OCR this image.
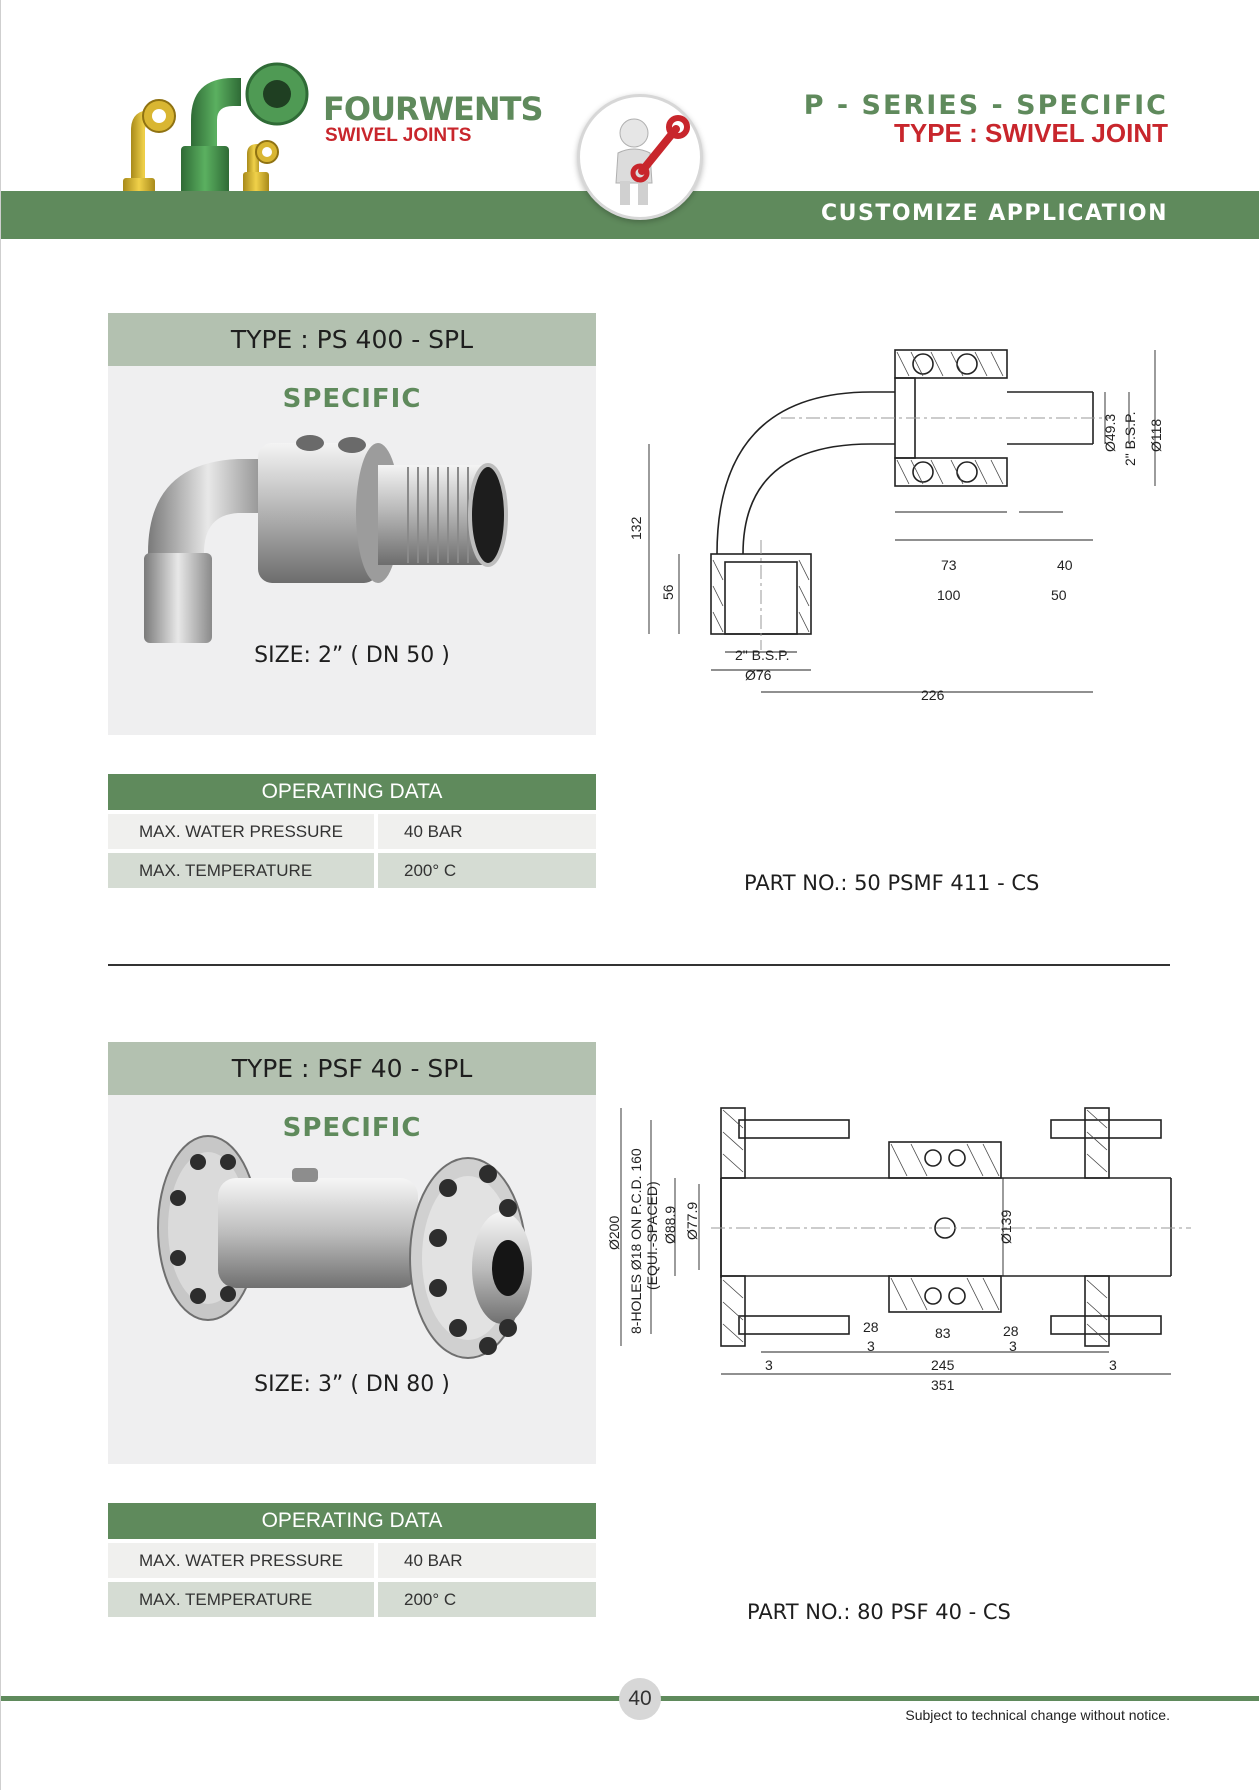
FOURWENTS
SWIVEL JOINTS
P - SERIES - SPECIFIC
TYPE : SWIVEL JOINT
CUSTOMIZE APPLICATION
TYPE : PS 400 - SPL
SPECIFIC
SIZE: 2” ( DN 50 )
OPERATING DATA
MAX. WATER PRESSURE	40 BAR
MAX. TEMPERATURE	200° C
PART NO.: 50 PSMF 411 - CS
132
56
Ø49.3 2" B.S.P. Ø118
73	40
100	50
2" B.S.P.
Ø76
226
TYPE : PSF 40 - SPL
SPECIFIC
SIZE: 3” ( DN 80 )
OPERATING DATA
MAX. WATER PRESSURE	40 BAR
MAX. TEMPERATURE	200° C
PART NO.: 80 PSF 40 - CS
Ø200 8-HOLES Ø18 ON P.C.D. 160 (EQUI.-SPACED) Ø88.9 Ø77.9	Ø139
28
3
83	28
3
3	245	3
351
40
Subject to technical change without notice.
